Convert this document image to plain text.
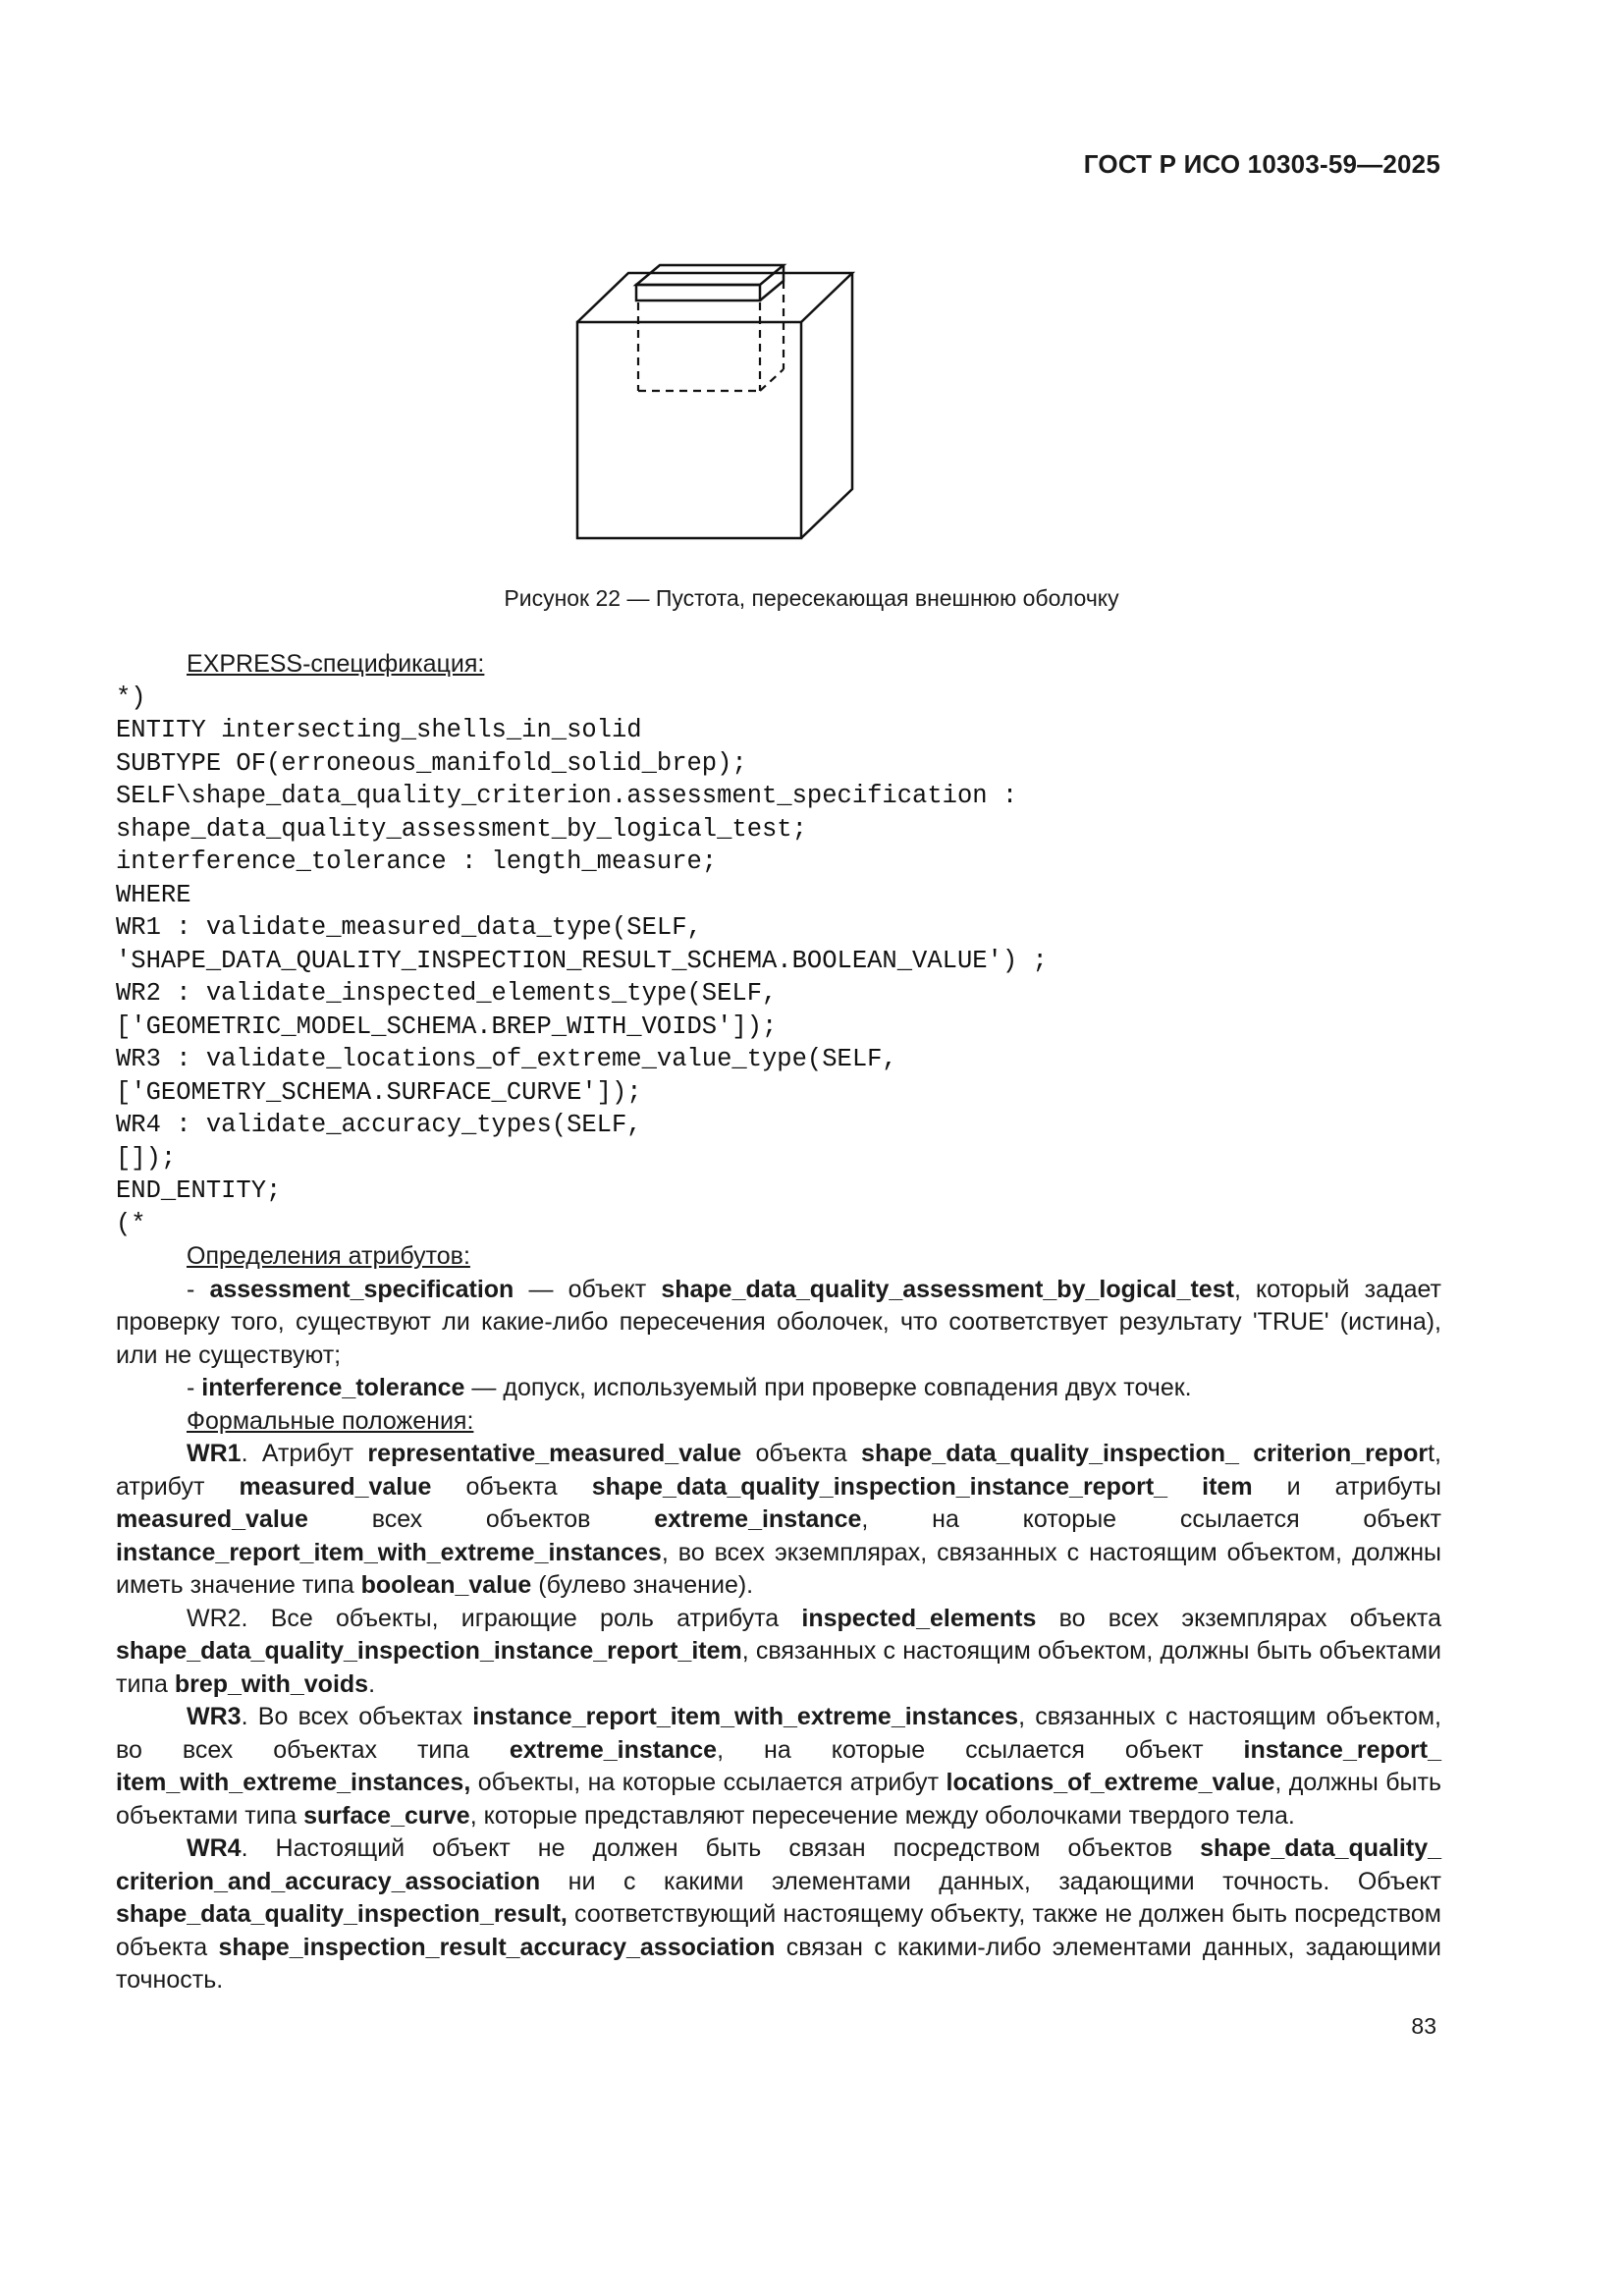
ГОСТ Р ИСО 10303-59—2025
Рисунок 22 — Пустота, пересекающая внешнюю оболочку

EXPRESS-спецификация:

*)
ENTITY intersecting_shells_in_solid
SUBTYPE OF(erroneous_manifold_solid_brep);
SELF\shape_data_quality_criterion.assessment_specification :
shape_data_quality_assessment_by_logical_test;
interference_tolerance : length_measure;
WHERE
WR1 : validate_measured_data_type(SELF,
'SHAPE_DATA_QUALITY_INSPECTION_RESULT_SCHEMA.BOOLEAN_VALUE') ;
WR2 : validate_inspected_elements_type(SELF,
['GEOMETRIC_MODEL_SCHEMA.BREP_WITH_VOIDS']);
WR3 : validate_locations_of_extreme_value_type(SELF,
['GEOMETRY_SCHEMA.SURFACE_CURVE']);
WR4 : validate_accuracy_types(SELF,
[]);
END_ENTITY;
(*

Определения атрибутов:

- assessment_specification — объект shape_data_quality_assessment_by_logical_test, который задает проверку того, существуют ли какие-либо пересечения оболочек, что соответствует результату 'TRUE' (истина), или не существуют;

- interference_tolerance — допуск, используемый при проверке совпадения двух точек.

Формальные положения:

WR1. Атрибут representative_measured_value объекта shape_data_quality_inspection_ criterion_report, атрибут measured_value объекта shape_data_quality_inspection_instance_report_ item и атрибуты measured_value всех объектов extreme_instance, на которые ссылается объект instance_report_item_with_extreme_instances, во всех экземплярах, связанных с настоящим объектом, должны иметь значение типа boolean_value (булево значение).

WR2. Все объекты, играющие роль атрибута inspected_elements во всех экземплярах объекта shape_data_quality_inspection_instance_report_item, связанных с настоящим объектом, должны быть объектами типа brep_with_voids.

WR3. Во всех объектах instance_report_item_with_extreme_instances, связанных с настоящим объектом, во всех объектах типа extreme_instance, на которые ссылается объект instance_report_ item_with_extreme_instances, объекты, на которые ссылается атрибут locations_of_extreme_value, должны быть объектами типа surface_curve, которые представляют пересечение между оболочками твердого тела.

WR4. Настоящий объект не должен быть связан посредством объектов shape_data_quality_ criterion_and_accuracy_association ни с какими элементами данных, задающими точность. Объект shape_data_quality_inspection_result, соответствующий настоящему объекту, также не должен быть посредством объекта shape_inspection_result_accuracy_association связан с какими-либо элементами данных, задающими точность.

83
